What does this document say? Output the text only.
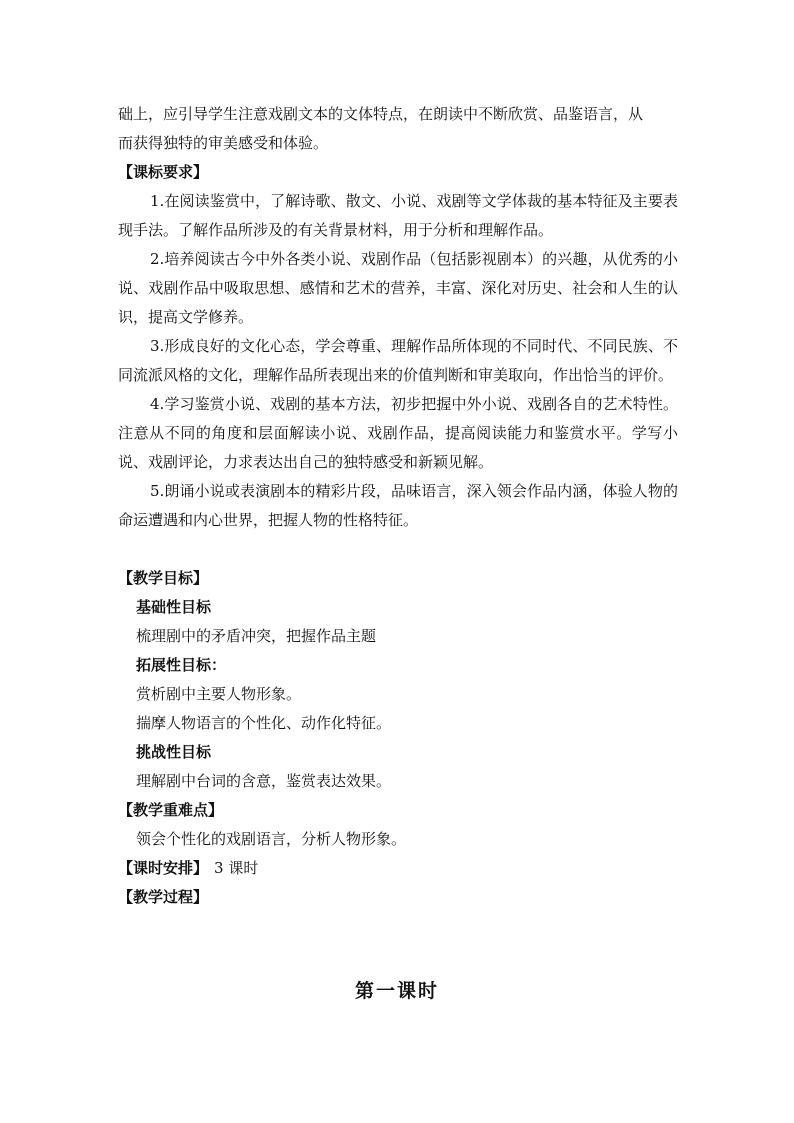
础上，应引导学生注意戏剧文本的文体特点，在朗读中不断欣赏、品鉴语言，从

而获得独特的审美感受和体验。

【课标要求】

1.在阅读鉴赏中，了解诗歌、散文、小说、戏剧等文学体裁的基本特征及主要表现手法。了解作品所涉及的有关背景材料，用于分析和理解作品。

2.培养阅读古今中外各类小说、戏剧作品（包括影视剧本）的兴趣，从优秀的小说、戏剧作品中吸取思想、感情和艺术的营养，丰富、深化对历史、社会和人生的认识，提高文学修养。

3.形成良好的文化心态，学会尊重、理解作品所体现的不同时代、不同民族、不同流派风格的文化，理解作品所表现出来的价值判断和审美取向，作出恰当的评价。

4.学习鉴赏小说、戏剧的基本方法，初步把握中外小说、戏剧各自的艺术特性。注意从不同的角度和层面解读小说、戏剧作品，提高阅读能力和鉴赏水平。学写小说、戏剧评论，力求表达出自己的独特感受和新颖见解。

5.朗诵小说或表演剧本的精彩片段，品味语言，深入领会作品内涵，体验人物的命运遭遇和内心世界，把握人物的性格特征。

【教学目标】

基础性目标

梳理剧中的矛盾冲突，把握作品主题

拓展性目标：

赏析剧中主要人物形象。

揣摩人物语言的个性化、动作化特征。

挑战性目标

理解剧中台词的含意，鉴赏表达效果。

【教学重难点】

领会个性化的戏剧语言，分析人物形象。

【课时安排】 3 课时

【教学过程】

第一课时
